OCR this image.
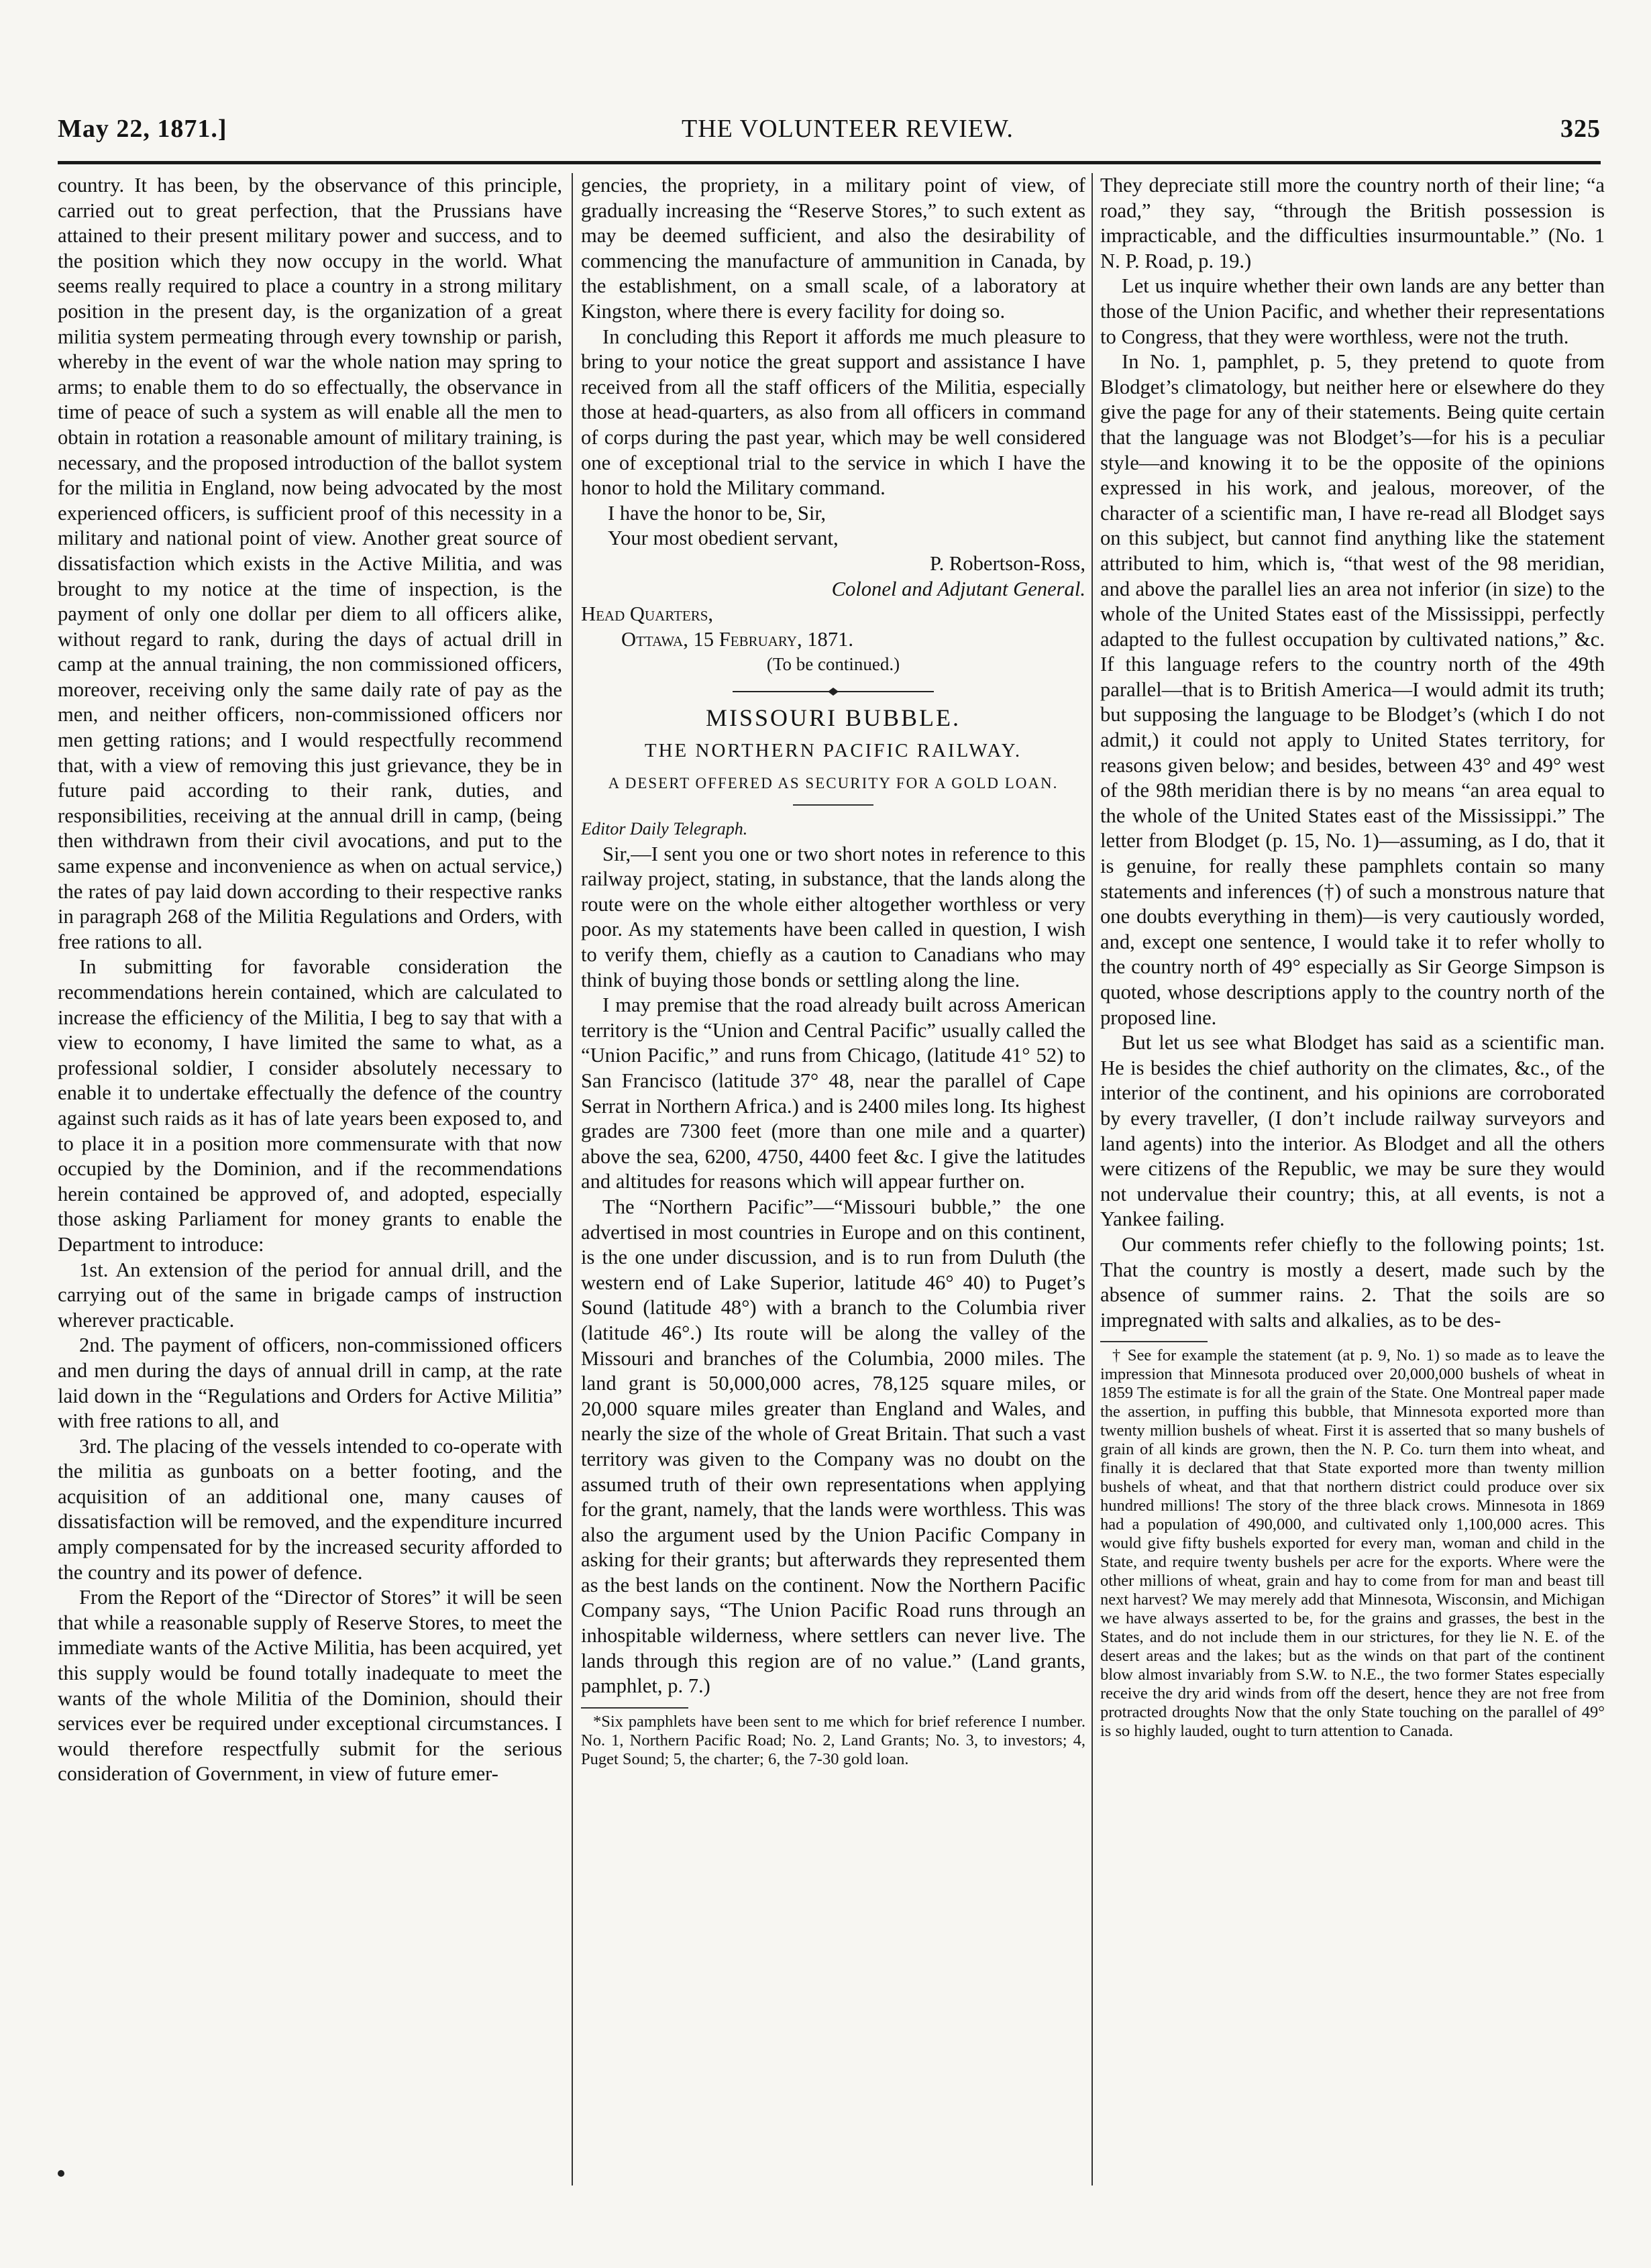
May 22, 1871.]	THE VOLUNTEER REVIEW.	325

country. It has been, by the observance of this principle, carried out to great perfection, that the Prussians have attained to their present military power and success, and to the position which they now occupy in the world. What seems really required to place a country in a strong military position in the present day, is the organization of a great militia system permeating through every township or parish, whereby in the event of war the whole nation may spring to arms; to enable them to do so effectually, the observance in time of peace of such a system as will enable all the men to obtain in rotation a reasonable amount of military training, is necessary, and the proposed introduction of the ballot system for the militia in England, now being advocated by the most experienced officers, is sufficient proof of this necessity in a military and national point of view. Another great source of dissatisfaction which exists in the Active Militia, and was brought to my notice at the time of inspection, is the payment of only one dollar per diem to all officers alike, without regard to rank, during the days of actual drill in camp at the annual training, the non commissioned officers, moreover, receiving only the same daily rate of pay as the men, and neither officers, non-commissioned officers nor men getting rations; and I would respectfully recommend that, with a view of removing this just grievance, they be in future paid according to their rank, duties, and responsibilities, receiving at the annual drill in camp, (being then withdrawn from their civil avocations, and put to the same expense and inconvenience as when on actual service,) the rates of pay laid down according to their respective ranks in paragraph 268 of the Militia Regulations and Orders, with free rations to all.

In submitting for favorable consideration the recommendations herein contained, which are calculated to increase the efficiency of the Militia, I beg to say that with a view to economy, I have limited the same to what, as a professional soldier, I consider absolutely necessary to enable it to undertake effectually the defence of the country against such raids as it has of late years been exposed to, and to place it in a position more commensurate with that now occupied by the Dominion, and if the recommendations herein contained be approved of, and adopted, especially those asking Parliament for money grants to enable the Department to introduce:

1st. An extension of the period for annual drill, and the carrying out of the same in brigade camps of instruction wherever practicable.

2nd. The payment of officers, non-commissioned officers and men during the days of annual drill in camp, at the rate laid down in the “Regulations and Orders for Active Militia” with free rations to all, and

3rd. The placing of the vessels intended to co-operate with the militia as gunboats on a better footing, and the acquisition of an additional one, many causes of dissatisfaction will be removed, and the expenditure incurred amply compensated for by the increased security afforded to the country and its power of defence.

From the Report of the “Director of Stores” it will be seen that while a reasonable supply of Reserve Stores, to meet the immediate wants of the Active Militia, has been acquired, yet this supply would be found totally inadequate to meet the wants of the whole Militia of the Dominion, should their services ever be required under exceptional circumstances. I would therefore respectfully submit for the serious consideration of Government, in view of future emer-

gencies, the propriety, in a military point of view, of gradually increasing the “Reserve Stores,” to such extent as may be deemed sufficient, and also the desirability of commencing the manufacture of ammunition in Canada, by the establishment, on a small scale, of a laboratory at Kingston, where there is every facility for doing so.

In concluding this Report it affords me much pleasure to bring to your notice the great support and assistance I have received from all the staff officers of the Militia, especially those at head-quarters, as also from all officers in command of corps during the past year, which may be well considered one of exceptional trial to the service in which I have the honor to hold the Military command.

I have the honor to be, Sir,

Your most obedient servant,

P. Robertson-Ross,

Colonel and Adjutant General.

Head Quarters,

Ottawa, 15 February, 1871.

(To be continued.)

MISSOURI BUBBLE.

THE NORTHERN PACIFIC RAILWAY.

A DESERT OFFERED AS SECURITY FOR A GOLD LOAN.

Editor Daily Telegraph.

Sir,—I sent you one or two short notes in reference to this railway project, stating, in substance, that the lands along the route were on the whole either altogether worthless or very poor. As my statements have been called in question, I wish to verify them, chiefly as a caution to Canadians who may think of buying those bonds or settling along the line.

I may premise that the road already built across American territory is the “Union and Central Pacific” usually called the “Union Pacific,” and runs from Chicago, (latitude 41° 52) to San Francisco (latitude 37° 48, near the parallel of Cape Serrat in Northern Africa.) and is 2400 miles long. Its highest grades are 7300 feet (more than one mile and a quarter) above the sea, 6200, 4750, 4400 feet &c. I give the latitudes and altitudes for reasons which will appear further on.

The “Northern Pacific”—“Missouri bubble,” the one advertised in most countries in Europe and on this continent, is the one under discussion, and is to run from Duluth (the western end of Lake Superior, latitude 46° 40) to Puget’s Sound (latitude 48°) with a branch to the Columbia river (latitude 46°.) Its route will be along the valley of the Missouri and branches of the Columbia, 2000 miles. The land grant is 50,000,000 acres, 78,125 square miles, or 20,000 square miles greater than England and Wales, and nearly the size of the whole of Great Britain. That such a vast territory was given to the Company was no doubt on the assumed truth of their own representations when applying for the grant, namely, that the lands were worthless. This was also the argument used by the Union Pacific Company in asking for their grants; but afterwards they represented them as the best lands on the continent. Now the Northern Pacific Company says, “The Union Pacific Road runs through an inhospitable wilderness, where settlers can never live. The lands through this region are of no value.” (Land grants, pamphlet, p. 7.)

*Six pamphlets have been sent to me which for brief reference I number. No. 1, Northern Pacific Road; No. 2, Land Grants; No. 3, to investors; 4, Puget Sound; 5, the charter; 6, the 7-30 gold loan.

They depreciate still more the country north of their line; “a road,” they say, “through the British possession is impracticable, and the difficulties insurmountable.” (No. 1 N. P. Road, p. 19.)

Let us inquire whether their own lands are any better than those of the Union Pacific, and whether their representations to Congress, that they were worthless, were not the truth.

In No. 1, pamphlet, p. 5, they pretend to quote from Blodget’s climatology, but neither here or elsewhere do they give the page for any of their statements. Being quite certain that the language was not Blodget’s—for his is a peculiar style—and knowing it to be the opposite of the opinions expressed in his work, and jealous, moreover, of the character of a scientific man, I have re-read all Blodget says on this subject, but cannot find anything like the statement attributed to him, which is, “that west of the 98 meridian, and above the parallel lies an area not inferior (in size) to the whole of the United States east of the Mississippi, perfectly adapted to the fullest occupation by cultivated nations,” &c. If this language refers to the country north of the 49th parallel—that is to British America—I would admit its truth; but supposing the language to be Blodget’s (which I do not admit,) it could not apply to United States territory, for reasons given below; and besides, between 43° and 49° west of the 98th meridian there is by no means “an area equal to the whole of the United States east of the Mississippi.” The letter from Blodget (p. 15, No. 1)—assuming, as I do, that it is genuine, for really these pamphlets contain so many statements and inferences (†) of such a monstrous nature that one doubts everything in them)—is very cautiously worded, and, except one sentence, I would take it to refer wholly to the country north of 49° especially as Sir George Simpson is quoted, whose descriptions apply to the country north of the proposed line.

But let us see what Blodget has said as a scientific man. He is besides the chief authority on the climates, &c., of the interior of the continent, and his opinions are corroborated by every traveller, (I don’t include railway surveyors and land agents) into the interior. As Blodget and all the others were citizens of the Republic, we may be sure they would not undervalue their country; this, at all events, is not a Yankee failing.

Our comments refer chiefly to the following points; 1st. That the country is mostly a desert, made such by the absence of summer rains. 2. That the soils are so impregnated with salts and alkalies, as to be des-

† See for example the statement (at p. 9, No. 1) so made as to leave the impression that Minnesota produced over 20,000,000 bushels of wheat in 1859 The estimate is for all the grain of the State. One Montreal paper made the assertion, in puffing this bubble, that Minnesota exported more than twenty million bushels of wheat. First it is asserted that so many bushels of grain of all kinds are grown, then the N. P. Co. turn them into wheat, and finally it is declared that that State exported more than twenty million bushels of wheat, and that that northern district could produce over six hundred millions! The story of the three black crows. Minnesota in 1869 had a population of 490,000, and cultivated only 1,100,000 acres. This would give fifty bushels exported for every man, woman and child in the State, and require twenty bushels per acre for the exports. Where were the other millions of wheat, grain and hay to come from for man and beast till next harvest? We may merely add that Minnesota, Wisconsin, and Michigan we have always asserted to be, for the grains and grasses, the best in the States, and do not include them in our strictures, for they lie N. E. of the desert areas and the lakes; but as the winds on that part of the continent blow almost invariably from S.W. to N.E., the two former States especially receive the dry arid winds from off the desert, hence they are not free from protracted droughts Now that the only State touching on the parallel of 49° is so highly lauded, ought to turn attention to Canada.
